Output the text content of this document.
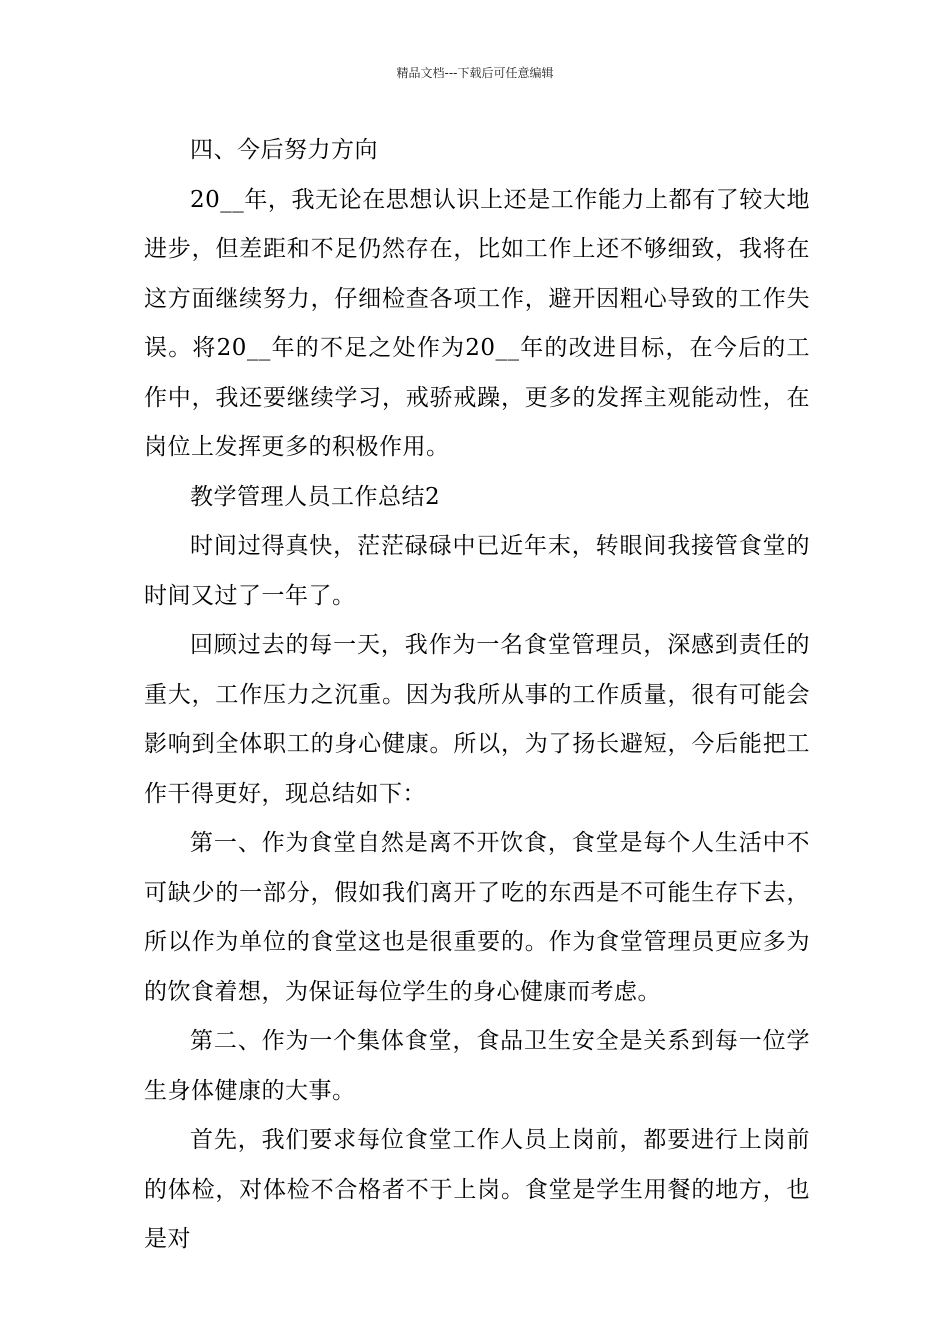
精品文档---下载后可任意编辑

四、今后努力方向

20__年，我无论在思想认识上还是工作能力上都有了较大地进步，但差距和不足仍然存在，比如工作上还不够细致，我将在这方面继续努力，仔细检查各项工作，避开因粗心导致的工作失误。将20__年的不足之处作为20__年的改进目标，在今后的工作中，我还要继续学习，戒骄戒躁，更多的发挥主观能动性，在岗位上发挥更多的积极作用。

教学管理人员工作总结2

时间过得真快，茫茫碌碌中已近年末，转眼间我接管食堂的时间又过了一年了。

回顾过去的每一天，我作为一名食堂管理员，深感到责任的重大，工作压力之沉重。因为我所从事的工作质量，很有可能会影响到全体职工的身心健康。所以，为了扬长避短，今后能把工作干得更好，现总结如下：

第一、作为食堂自然是离不开饮食，食堂是每个人生活中不可缺少的一部分，假如我们离开了吃的东西是不可能生存下去，所以作为单位的食堂这也是很重要的。作为食堂管理员更应多为的饮食着想，为保证每位学生的身心健康而考虑。

第二、作为一个集体食堂，食品卫生安全是关系到每一位学生身体健康的大事。

首先，我们要求每位食堂工作人员上岗前，都要进行上岗前的体检，对体检不合格者不于上岗。食堂是学生用餐的地方，也是对
